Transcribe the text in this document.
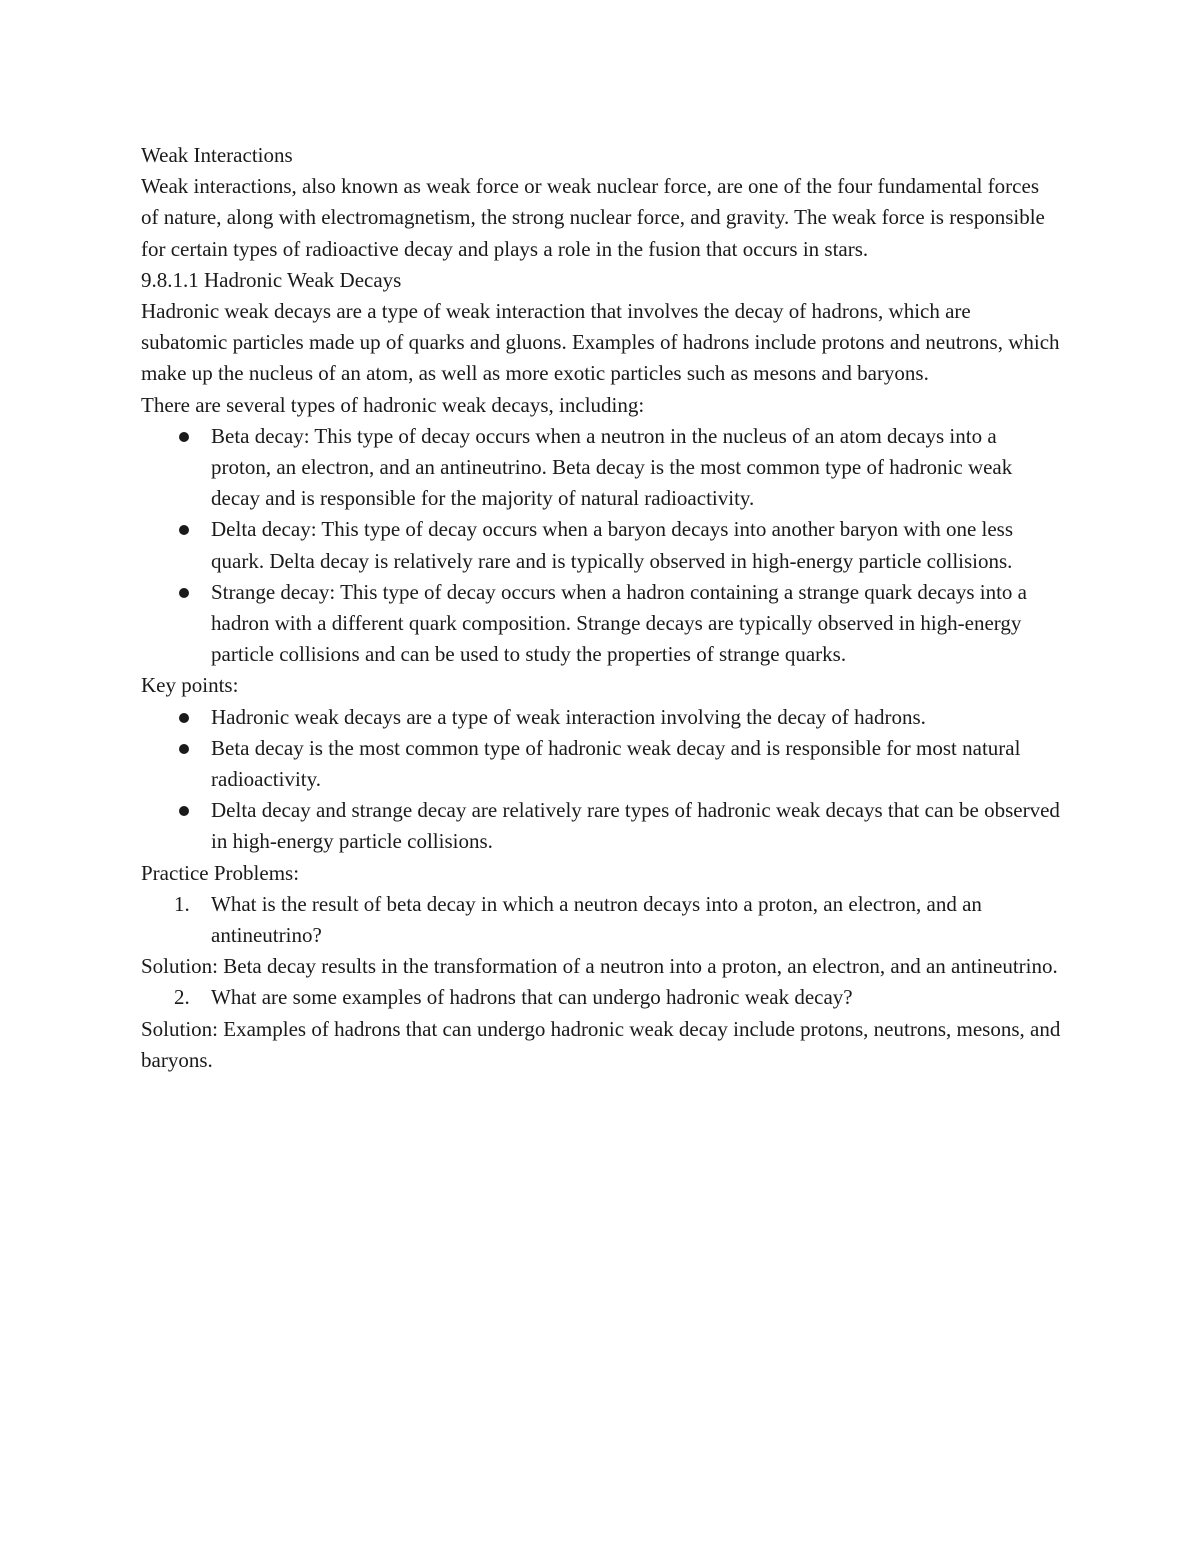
Weak Interactions

Weak interactions, also known as weak force or weak nuclear force, are one of the four fundamental forces of nature, along with electromagnetism, the strong nuclear force, and gravity. The weak force is responsible for certain types of radioactive decay and plays a role in the fusion that occurs in stars.

9.8.1.1 Hadronic Weak Decays

Hadronic weak decays are a type of weak interaction that involves the decay of hadrons, which are subatomic particles made up of quarks and gluons. Examples of hadrons include protons and neutrons, which make up the nucleus of an atom, as well as more exotic particles such as mesons and baryons.

There are several types of hadronic weak decays, including:

Beta decay: This type of decay occurs when a neutron in the nucleus of an atom decays into a proton, an electron, and an antineutrino. Beta decay is the most common type of hadronic weak decay and is responsible for the majority of natural radioactivity.
Delta decay: This type of decay occurs when a baryon decays into another baryon with one less quark. Delta decay is relatively rare and is typically observed in high-energy particle collisions.
Strange decay: This type of decay occurs when a hadron containing a strange quark decays into a hadron with a different quark composition. Strange decays are typically observed in high-energy particle collisions and can be used to study the properties of strange quarks.

Key points:

Hadronic weak decays are a type of weak interaction involving the decay of hadrons.
Beta decay is the most common type of hadronic weak decay and is responsible for most natural radioactivity.
Delta decay and strange decay are relatively rare types of hadronic weak decays that can be observed in high-energy particle collisions.

Practice Problems:

1. What is the result of beta decay in which a neutron decays into a proton, an electron, and an antineutrino?

Solution: Beta decay results in the transformation of a neutron into a proton, an electron, and an antineutrino.

2. What are some examples of hadrons that can undergo hadronic weak decay?

Solution: Examples of hadrons that can undergo hadronic weak decay include protons, neutrons, mesons, and baryons.
